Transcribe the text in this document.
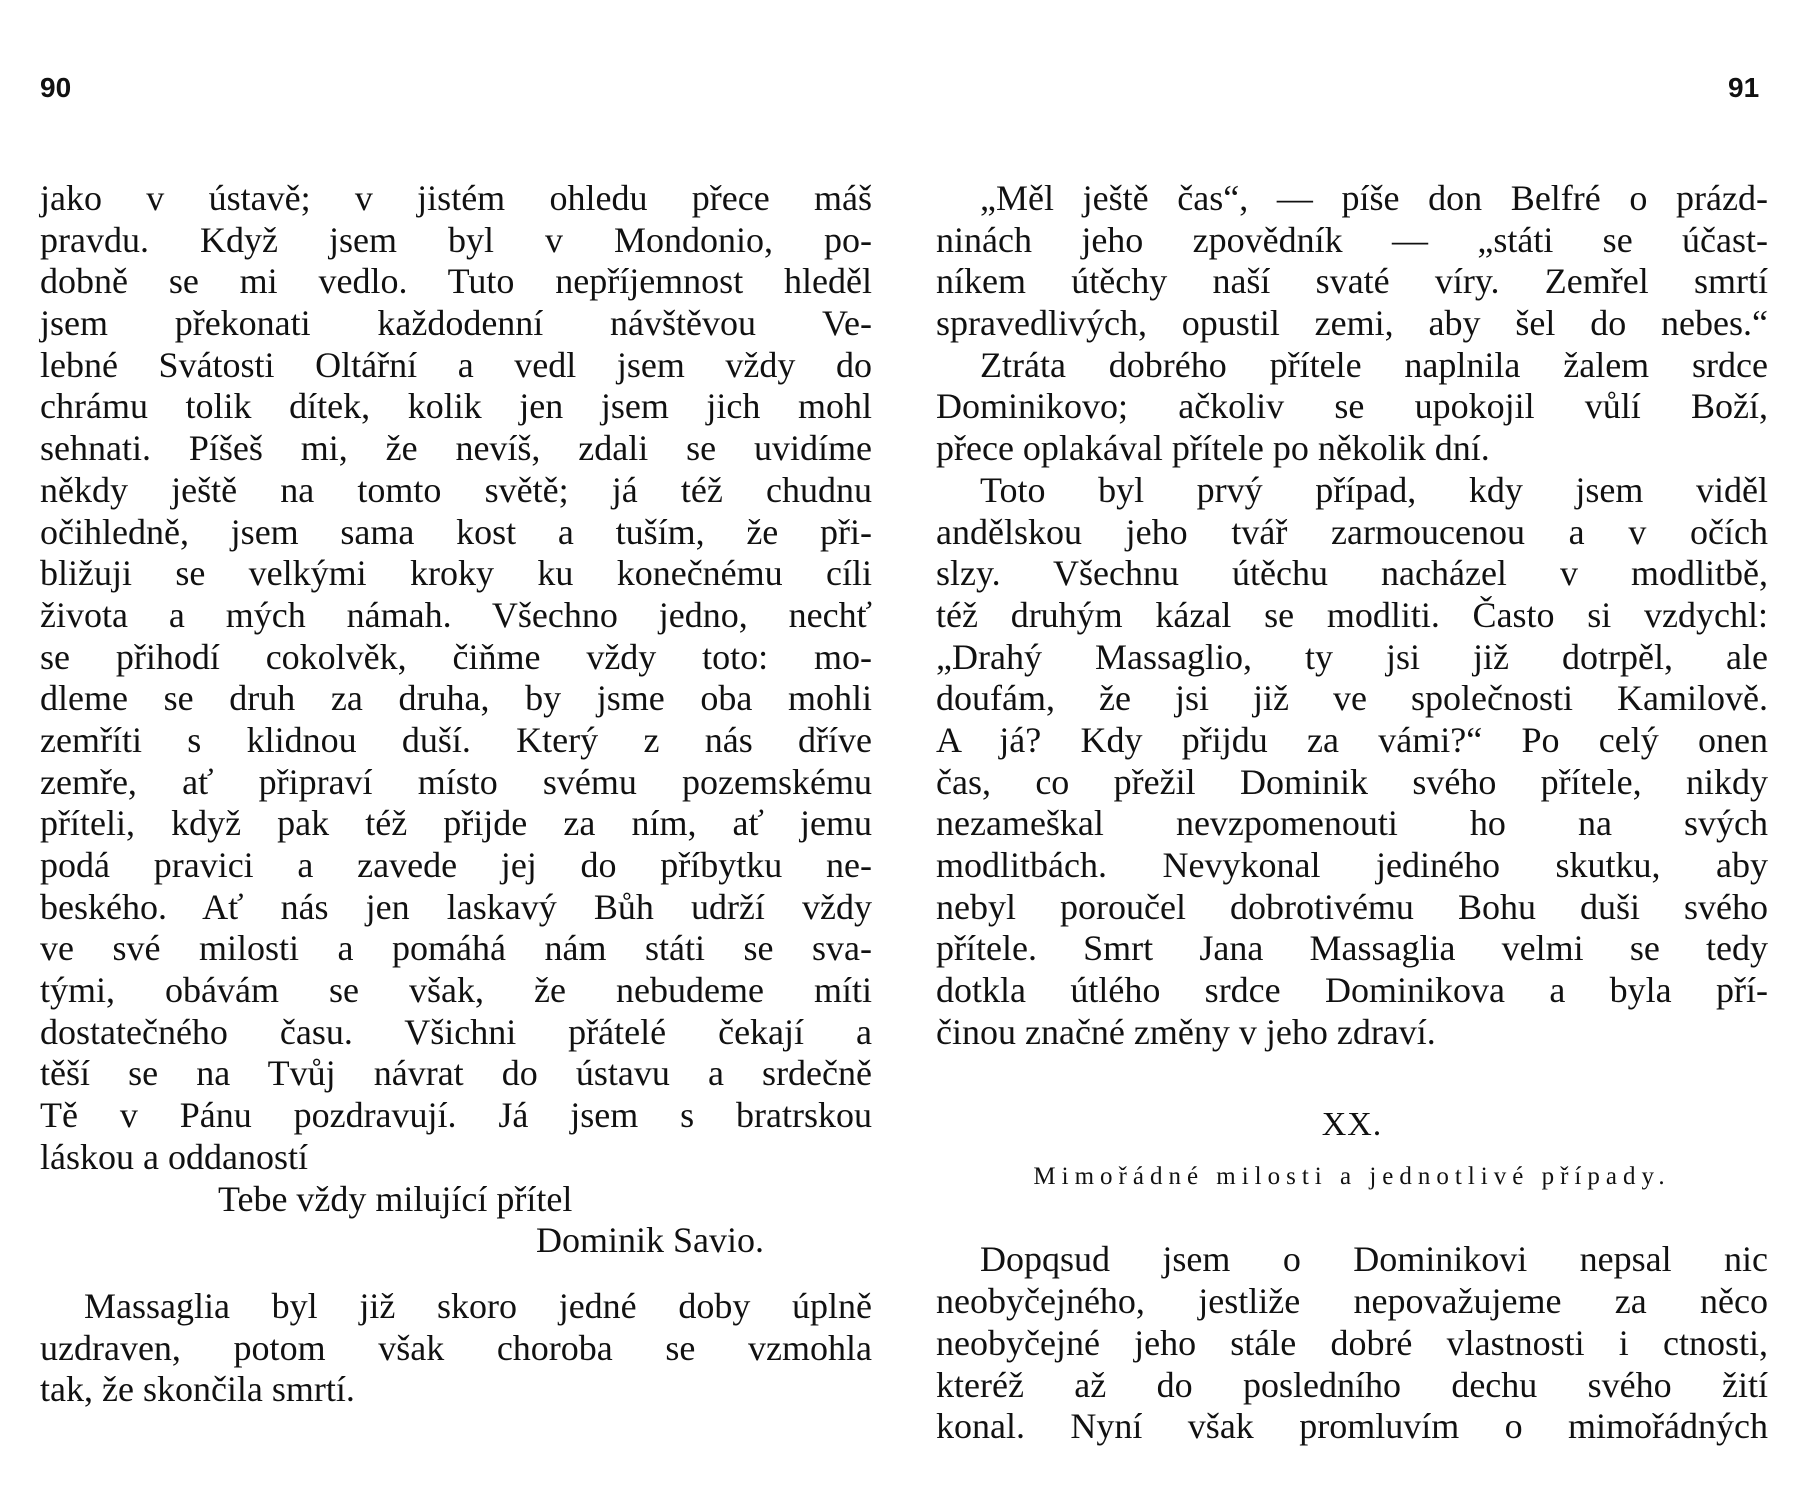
90	91
jako v ústavě; v jistém ohledu přece máš
pravdu. Když jsem byl v Mondonio, po-
dobně se mi vedlo. Tuto nepříjemnost hleděl
jsem překonati každodenní návštěvou Ve-
lebné Svátosti Oltářní a vedl jsem vždy do
chrámu tolik dítek, kolik jen jsem jich mohl
sehnati. Píšeš mi, že nevíš, zdali se uvidíme
někdy ještě na tomto světě; já též chudnu
očihledně, jsem sama kost a tuším, že při-
bližuji se velkými kroky ku konečnému cíli
života a mých námah. Všechno jedno, nechť
se přihodí cokolvěk, čiňme vždy toto: mo-
dleme se druh za druha, by jsme oba mohli
zemříti s klidnou duší. Který z nás dříve
zemře, ať připraví místo svému pozemskému
příteli, když pak též přijde za ním, ať jemu
podá pravici a zavede jej do příbytku ne-
beského. Ať nás jen laskavý Bůh udrží vždy
ve své milosti a pomáhá nám státi se sva-
tými, obávám se však, že nebudeme míti
dostatečného času. Všichni přátelé čekají a
těší se na Tvůj návrat do ústavu a srdečně
Tě v Pánu pozdravují. Já jsem s bratrskou
láskou a oddaností
Tebe vždy milující přítel
Dominik Savio.
Massaglia byl již skoro jedné doby úplně
uzdraven, potom však choroba se vzmohla
tak, že skončila smrtí.
„Měl ještě čas“, — píše don Belfré o prázd-
ninách jeho zpovědník — „státi se účast-
níkem útěchy naší svaté víry. Zemřel smrtí
spravedlivých, opustil zemi, aby šel do nebes.“
Ztráta dobrého přítele naplnila žalem srdce
Dominikovo; ačkoliv se upokojil vůlí Boží,
přece oplakával přítele po několik dní.
Toto byl prvý případ, kdy jsem viděl
andělskou jeho tvář zarmoucenou a v očích
slzy. Všechnu útěchu nacházel v modlitbě,
též druhým kázal se modliti. Často si vzdychl:
„Drahý Massaglio, ty jsi již dotrpěl, ale
doufám, že jsi již ve společnosti Kamilově.
A já? Kdy přijdu za vámi?“ Po celý onen
čas, co přežil Dominik svého přítele, nikdy
nezameškal nevzpomenouti ho na svých
modlitbách. Nevykonal jediného skutku, aby
nebyl poroučel dobrotivému Bohu duši svého
přítele. Smrt Jana Massaglia velmi se tedy
dotkla útlého srdce Dominikova a byla pří-
činou značné změny v jeho zdraví.
XX.
Mimořádné milosti a jednotlivé případy.
Dopqsud jsem o Dominikovi nepsal nic
neobyčejného, jestliže nepovažujeme za něco
neobyčejné jeho stále dobré vlastnosti i ctnosti,
kteréž až do posledního dechu svého žití
konal. Nyní však promluvím o mimořádných
